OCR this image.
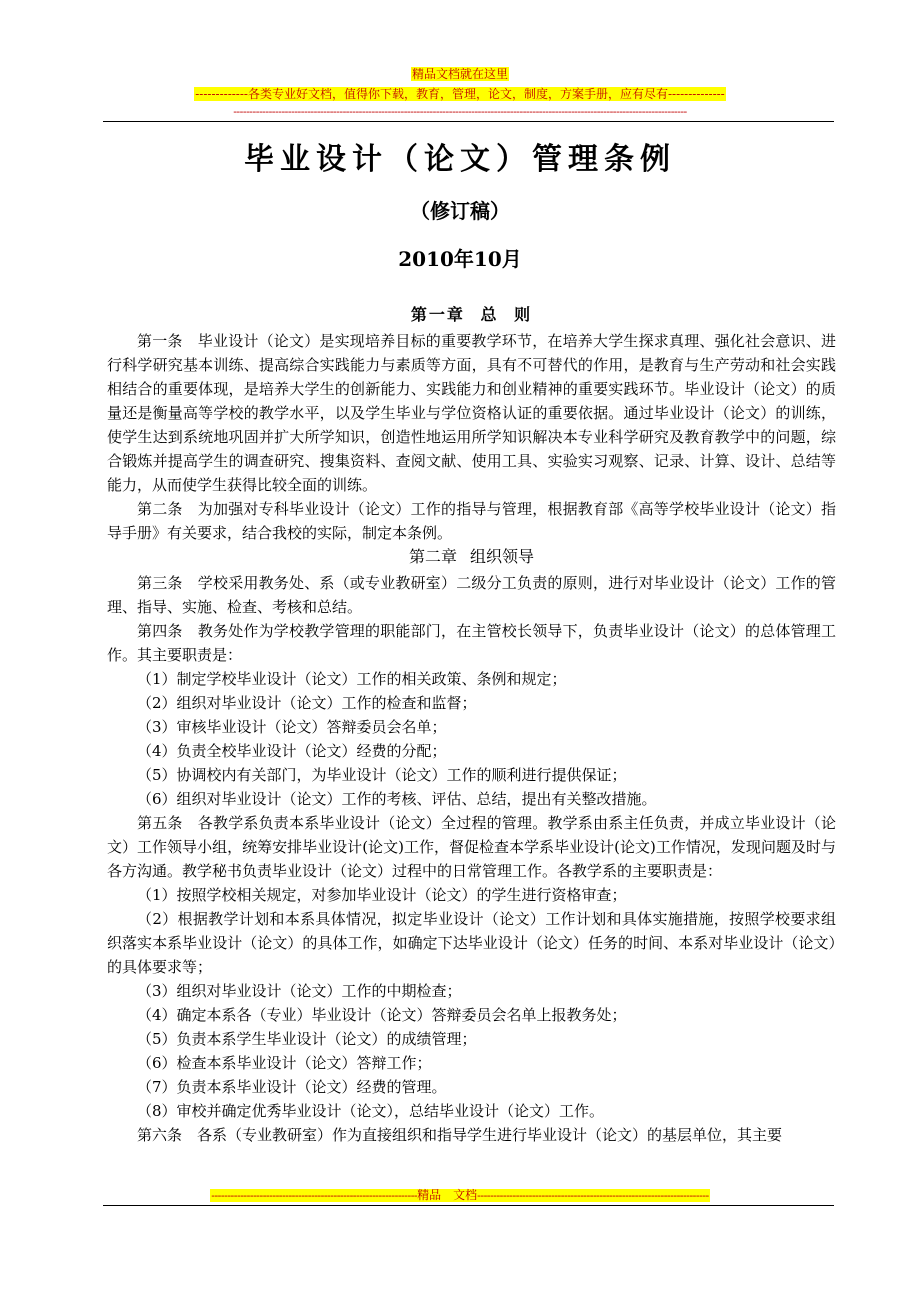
精品文档就在这里
-------------各类专业好文档，值得你下载，教育，管理，论文，制度，方案手册，应有尽有--------------
---------------------------------------------------------------------------------------------------------------------------------------------
毕业设计（论文）管理条例
（修订稿）
2010年10月
第一章 总 则

第一条　毕业设计（论文）是实现培养目标的重要教学环节，在培养大学生探求真理、强化社会意识、进行科学研究基本训练、提高综合实践能力与素质等方面，具有不可替代的作用，是教育与生产劳动和社会实践相结合的重要体现，是培养大学生的创新能力、实践能力和创业精神的重要实践环节。毕业设计（论文）的质量还是衡量高等学校的教学水平，以及学生毕业与学位资格认证的重要依据。通过毕业设计（论文）的训练，使学生达到系统地巩固并扩大所学知识，创造性地运用所学知识解决本专业科学研究及教育教学中的问题，综合锻炼并提高学生的调查研究、搜集资料、查阅文献、使用工具、实验实习观察、记录、计算、设计、总结等能力，从而使学生获得比较全面的训练。

第二条　为加强对专科毕业设计（论文）工作的指导与管理，根据教育部《高等学校毕业设计（论文）指导手册》有关要求，结合我校的实际，制定本条例。

第二章 组织领导

第三条　学校采用教务处、系（或专业教研室）二级分工负责的原则，进行对毕业设计（论文）工作的管理、指导、实施、检查、考核和总结。

第四条　教务处作为学校教学管理的职能部门，在主管校长领导下，负责毕业设计（论文）的总体管理工作。其主要职责是：

（1）制定学校毕业设计（论文）工作的相关政策、条例和规定；

（2）组织对毕业设计（论文）工作的检查和监督；

（3）审核毕业设计（论文）答辩委员会名单；

（4）负责全校毕业设计（论文）经费的分配；

（5）协调校内有关部门，为毕业设计（论文）工作的顺利进行提供保证；

（6）组织对毕业设计（论文）工作的考核、评估、总结，提出有关整改措施。

第五条　各教学系负责本系毕业设计（论文）全过程的管理。教学系由系主任负责，并成立毕业设计（论文）工作领导小组，统筹安排毕业设计(论文)工作，督促检查本学系毕业设计(论文)工作情况，发现问题及时与各方沟通。教学秘书负责毕业设计（论文）过程中的日常管理工作。各教学系的主要职责是：

（1）按照学校相关规定，对参加毕业设计（论文）的学生进行资格审查；

（2）根据教学计划和本系具体情况，拟定毕业设计（论文）工作计划和具体实施措施，按照学校要求组织落实本系毕业设计（论文）的具体工作，如确定下达毕业设计（论文）任务的时间、本系对毕业设计（论文）的具体要求等；

（3）组织对毕业设计（论文）工作的中期检查；

（4）确定本系各（专业）毕业设计（论文）答辩委员会名单上报教务处；

（5）负责本系学生毕业设计（论文）的成绩管理；

（6）检查本系毕业设计（论文）答辩工作；

（7）负责本系毕业设计（论文）经费的管理。

（8）审校并确定优秀毕业设计（论文），总结毕业设计（论文）工作。

第六条　各系（专业教研室）作为直接组织和指导学生进行毕业设计（论文）的基层单位，其主要

----------------------------------------------------------------精品　文档------------------------------------------------------------------------
